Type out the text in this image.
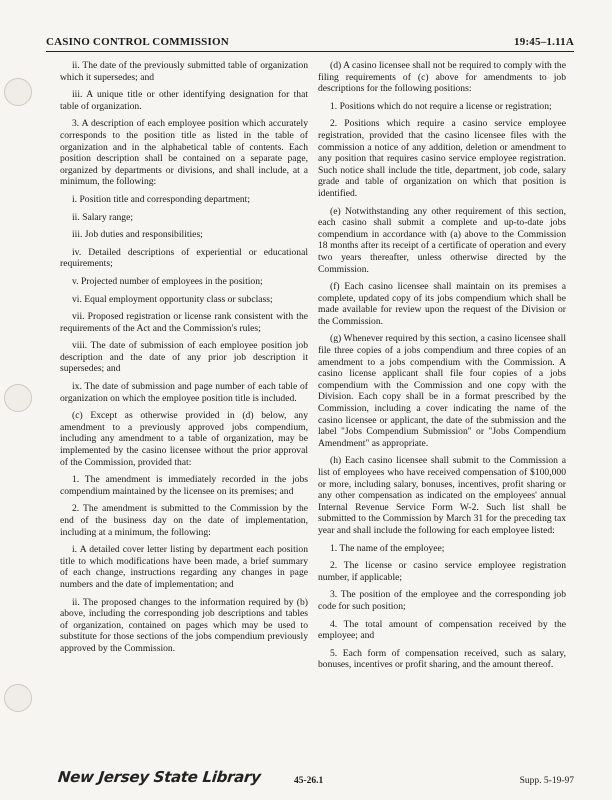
CASINO CONTROL COMMISSION	19:45–1.11A

ii. The date of the previously submitted table of organization which it supersedes; and

iii. A unique title or other identifying designation for that table of organization.

3. A description of each employee position which accurately corresponds to the position title as listed in the table of organization and in the alphabetical table of contents. Each position description shall be contained on a separate page, organized by departments or divisions, and shall include, at a minimum, the following:

i. Position title and corresponding department;

ii. Salary range;

iii. Job duties and responsibilities;

iv. Detailed descriptions of experiential or educational requirements;

v. Projected number of employees in the position;

vi. Equal employment opportunity class or subclass;

vii. Proposed registration or license rank consistent with the requirements of the Act and the Commission's rules;

viii. The date of submission of each employee position job description and the date of any prior job description it supersedes; and

ix. The date of submission and page number of each table of organization on which the employee position title is included.

(c) Except as otherwise provided in (d) below, any amendment to a previously approved jobs compendium, including any amendment to a table of organization, may be implemented by the casino licensee without the prior approval of the Commission, provided that:

1. The amendment is immediately recorded in the jobs compendium maintained by the licensee on its premises; and

2. The amendment is submitted to the Commission by the end of the business day on the date of implementation, including at a minimum, the following:

i. A detailed cover letter listing by department each position title to which modifications have been made, a brief summary of each change, instructions regarding any changes in page numbers and the date of implementation; and

ii. The proposed changes to the information required by (b) above, including the corresponding job descriptions and tables of organization, contained on pages which may be used to substitute for those sections of the jobs compendium previously approved by the Commission.

(d) A casino licensee shall not be required to comply with the filing requirements of (c) above for amendments to job descriptions for the following positions:

1. Positions which do not require a license or registration;

2. Positions which require a casino service employee registration, provided that the casino licensee files with the commission a notice of any addition, deletion or amendment to any position that requires casino service employee registration. Such notice shall include the title, department, job code, salary grade and table of organization on which that position is identified.

(e) Notwithstanding any other requirement of this section, each casino shall submit a complete and up-to-date jobs compendium in accordance with (a) above to the Commission 18 months after its receipt of a certificate of operation and every two years thereafter, unless otherwise directed by the Commission.

(f) Each casino licensee shall maintain on its premises a complete, updated copy of its jobs compendium which shall be made available for review upon the request of the Division or the Commission.

(g) Whenever required by this section, a casino licensee shall file three copies of a jobs compendium and three copies of an amendment to a jobs compendium with the Commission. A casino license applicant shall file four copies of a jobs compendium with the Commission and one copy with the Division. Each copy shall be in a format prescribed by the Commission, including a cover indicating the name of the casino licensee or applicant, the date of the submission and the label "Jobs Compendium Submission" or "Jobs Compendium Amendment" as appropriate.

(h) Each casino licensee shall submit to the Commission a list of employees who have received compensation of $100,000 or more, including salary, bonuses, incentives, profit sharing or any other compensation as indicated on the employees' annual Internal Revenue Service Form W-2. Such list shall be submitted to the Commission by March 31 for the preceding tax year and shall include the following for each employee listed:

1. The name of the employee;

2. The license or casino service employee registration number, if applicable;

3. The position of the employee and the corresponding job code for such position;

4. The total amount of compensation received by the employee; and

5. Each form of compensation received, such as salary, bonuses, incentives or profit sharing, and the amount thereof.

New Jersey State Library	45-26.1	Supp. 5-19-97
